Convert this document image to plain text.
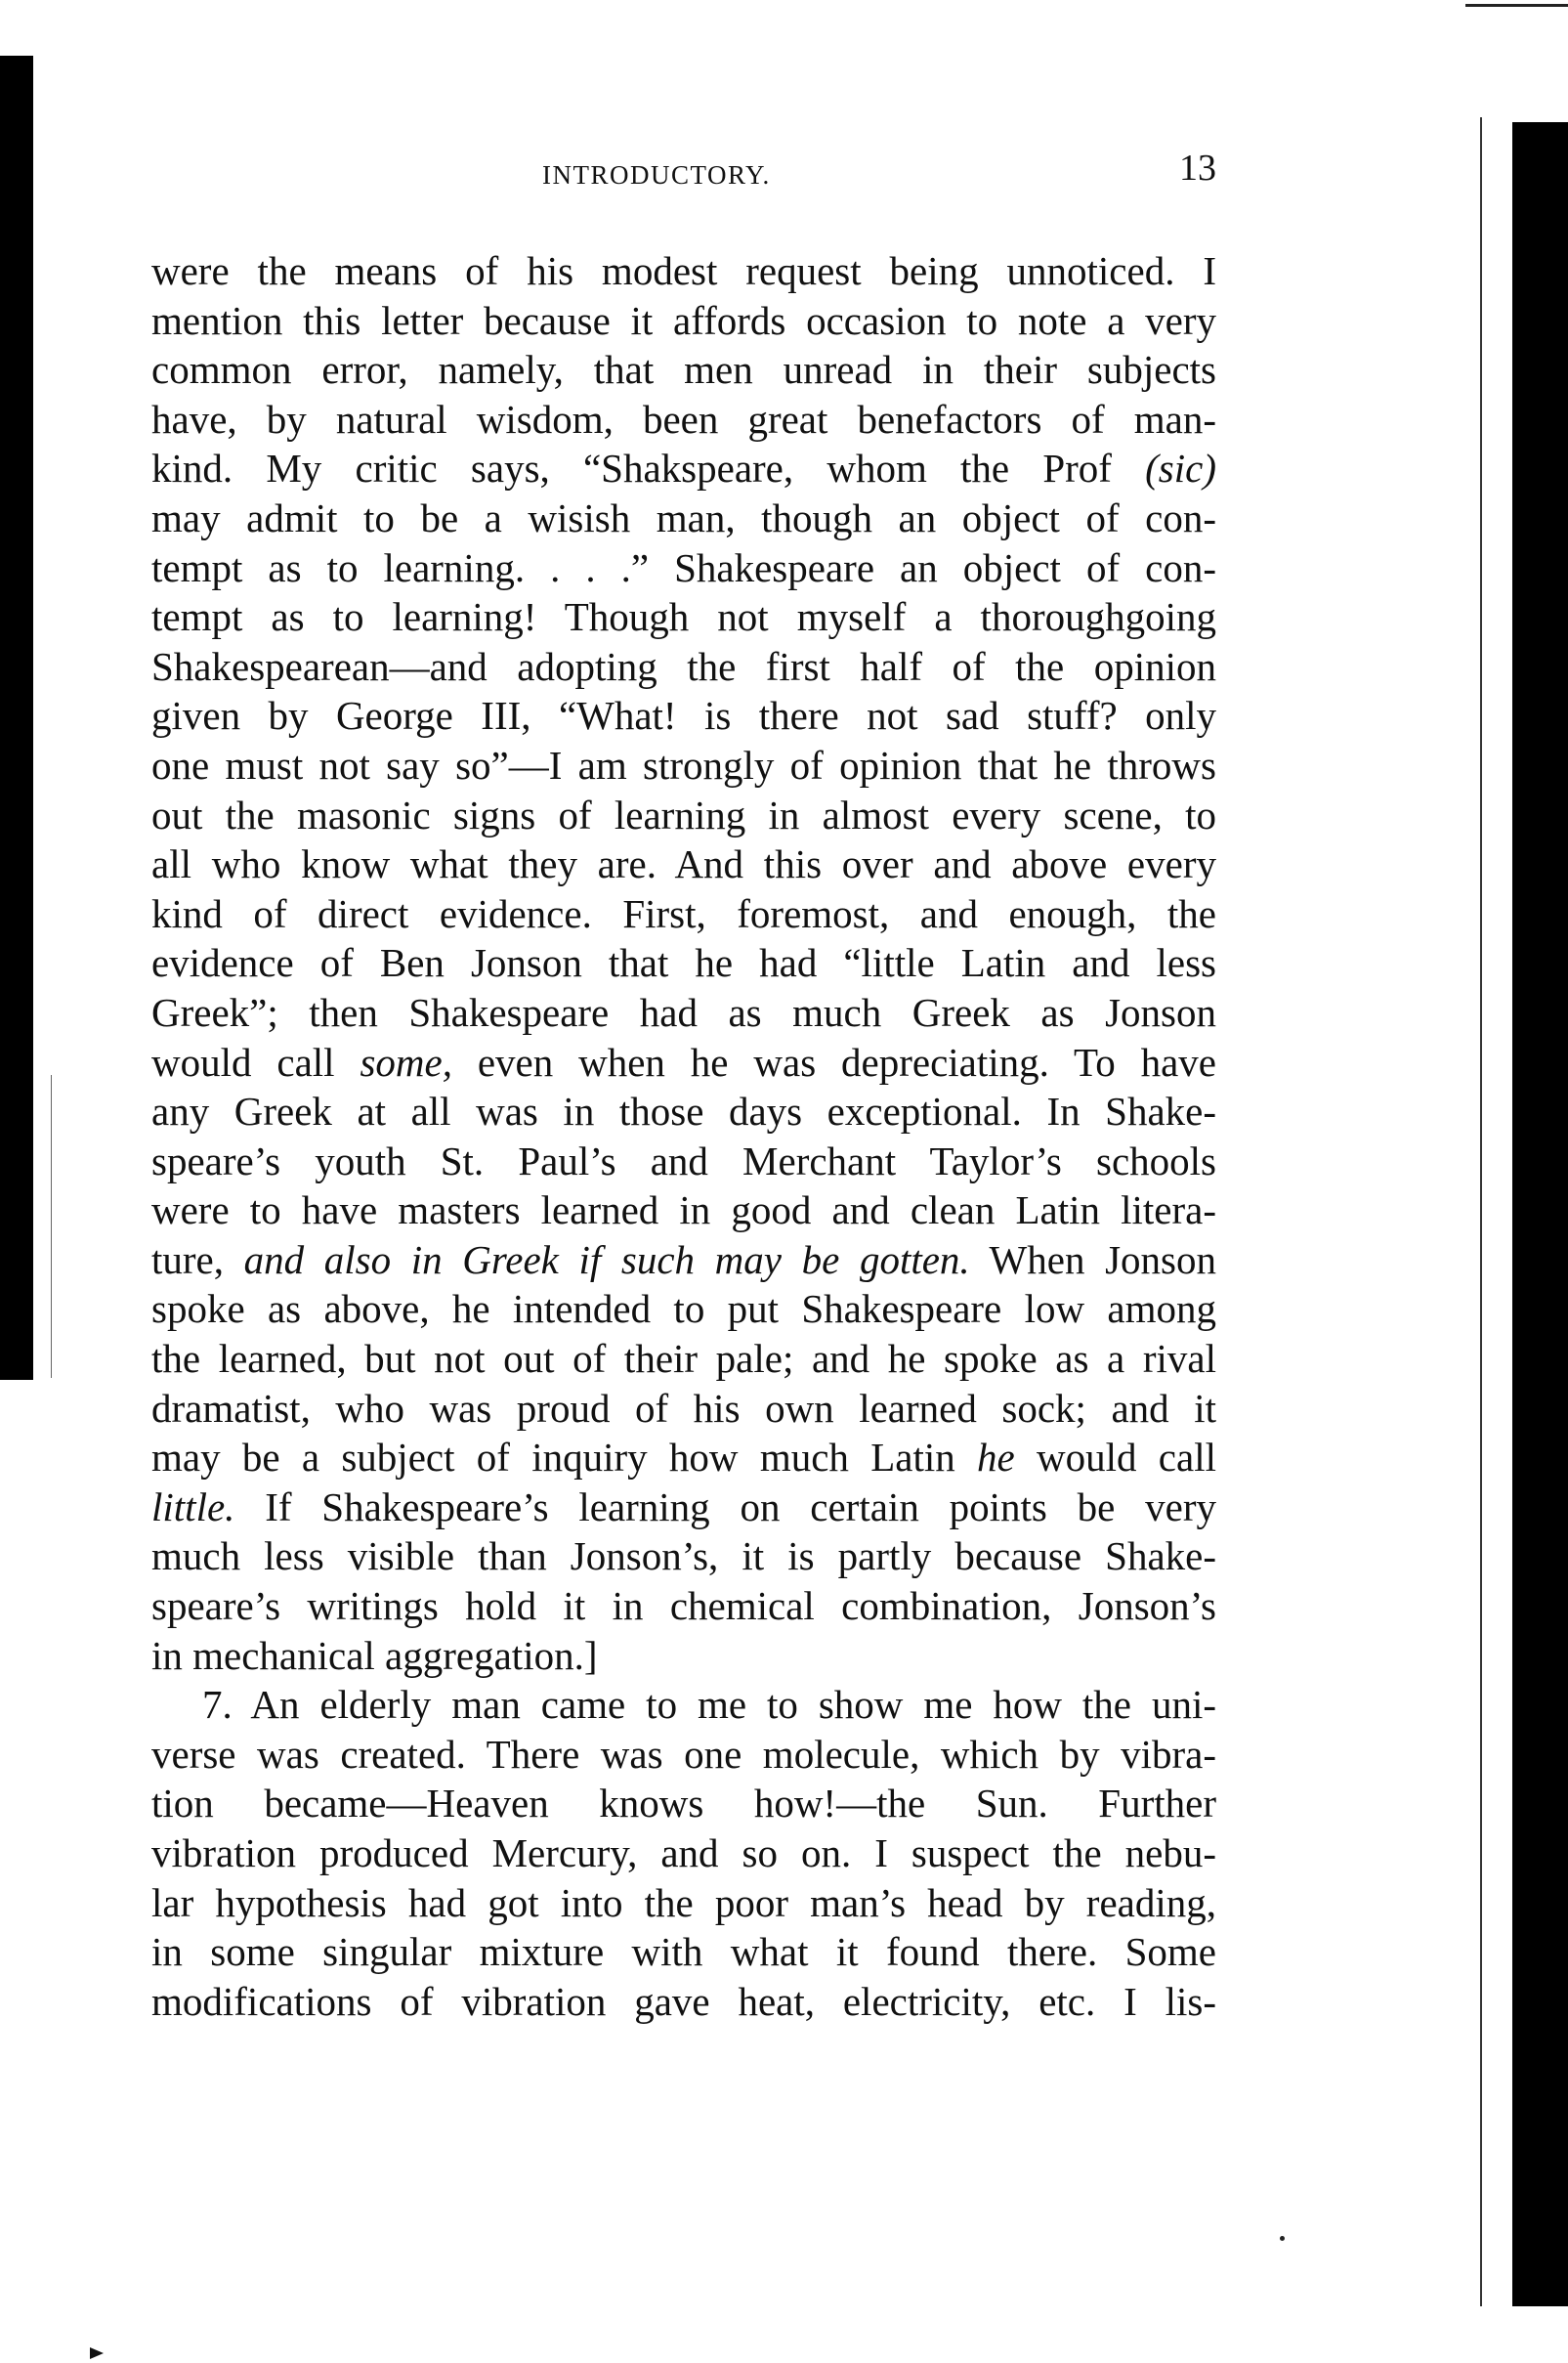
INTRODUCTORY.	13
were the means of his modest request being unnoticed. I
mention this letter because it affords occasion to note a very
common error, namely, that men unread in their subjects
have, by natural wisdom, been great benefactors of man-
kind. My critic says, “Shakspeare, whom the Prof (sic)
may admit to be a wisish man, though an object of con-
tempt as to learning. . . .” Shakespeare an object of con-
tempt as to learning! Though not myself a thoroughgoing
Shakespearean—and adopting the first half of the opinion
given by George III, “What! is there not sad stuff? only
one must not say so”—I am strongly of opinion that he throws
out the masonic signs of learning in almost every scene, to
all who know what they are. And this over and above every
kind of direct evidence. First, foremost, and enough, the
evidence of Ben Jonson that he had “little Latin and less
Greek”; then Shakespeare had as much Greek as Jonson
would call some, even when he was depreciating. To have
any Greek at all was in those days exceptional. In Shake-
speare’s youth St. Paul’s and Merchant Taylor’s schools
were to have masters learned in good and clean Latin litera-
ture, and also in Greek if such may be gotten. When Jonson
spoke as above, he intended to put Shakespeare low among
the learned, but not out of their pale; and he spoke as a rival
dramatist, who was proud of his own learned sock; and it
may be a subject of inquiry how much Latin he would call
little. If Shakespeare’s learning on certain points be very
much less visible than Jonson’s, it is partly because Shake-
speare’s writings hold it in chemical combination, Jonson’s
in mechanical aggregation.]
7. An elderly man came to me to show me how the uni-
verse was created. There was one molecule, which by vibra-
tion became—Heaven knows how!—the Sun. Further
vibration produced Mercury, and so on. I suspect the nebu-
lar hypothesis had got into the poor man’s head by reading,
in some singular mixture with what it found there. Some
modifications of vibration gave heat, electricity, etc. I lis-
